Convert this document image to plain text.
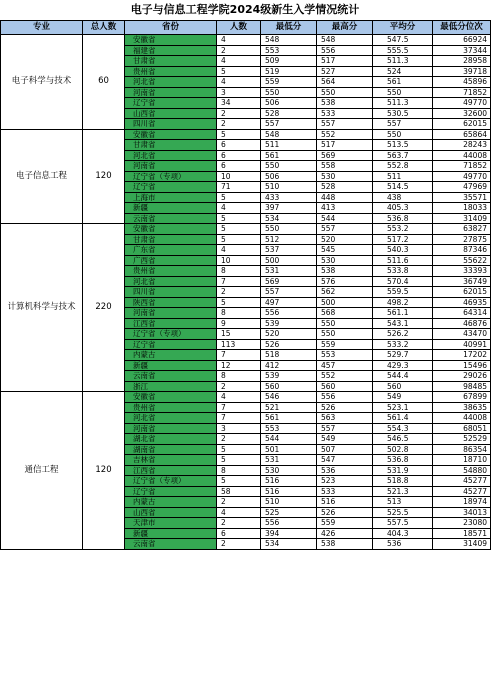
电子与信息工程学院2024级新生入学情况统计
专业	总人数	省份	人数	最低分	最高分	平均分	最低分位次
电子科学与技术	60	安徽省	4	548	548	547.5	66924
		福建省	2	553	556	555.5	37344
		甘肃省	4	509	517	511.3	28958
		贵州省	5	519	527	524	39718
		河北省	4	559	564	561	45896
		河南省	3	550	550	550	71852
		辽宁省	34	506	538	511.3	49770
		山西省	2	528	533	530.5	32600
		四川省	2	557	557	557	62015
电子信息工程	120	安徽省	5	548	552	550	65864
		甘肃省	6	511	517	513.5	28243
		河北省	6	561	569	563.7	44008
		河南省	6	550	558	552.8	71852
		辽宁省（专项）	10	506	530	511	49770
		辽宁省	71	510	528	514.5	47969
		上海市	5	433	448	438	35571
		新疆	4	397	413	405.3	18033
		云南省	5	534	544	536.8	31409
计算机科学与技术	220	安徽省	5	550	557	553.2	63827
		甘肃省	5	512	520	517.2	27875
		广东省	4	537	545	540.3	87346
		广西省	10	500	530	511.6	55622
		贵州省	8	531	538	533.8	33393
		河北省	7	569	576	570.4	36749
		四川省	2	557	562	559.5	62015
		陕西省	5	497	500	498.2	46935
		河南省	8	556	568	561.1	64314
		江西省	9	539	550	543.1	46876
		辽宁省（专项）	15	520	550	526.2	43470
		辽宁省	113	526	559	533.2	40991
		内蒙古	7	518	553	529.7	17202
		新疆	12	412	457	429.3	15496
		云南省	8	539	552	544.4	29026
		浙江	2	560	560	560	98485
通信工程	120	安徽省	4	546	556	549	67899
		贵州省	7	521	526	523.1	38635
		河北省	7	561	563	561.4	44008
		河南省	3	553	557	554.3	68051
		湖北省	2	544	549	546.5	52529
		湖南省	5	501	507	502.8	86354
		吉林省	5	531	547	536.8	18710
		江西省	8	530	536	531.9	54880
		辽宁省（专项）	5	516	523	518.8	45277
		辽宁省	58	516	533	521.3	45277
		内蒙古	2	510	516	513	18974
		山西省	4	525	526	525.5	34013
		天津市	2	556	559	557.5	23080
		新疆	6	394	426	404.3	18571
		云南省	2	534	538	536	31409
